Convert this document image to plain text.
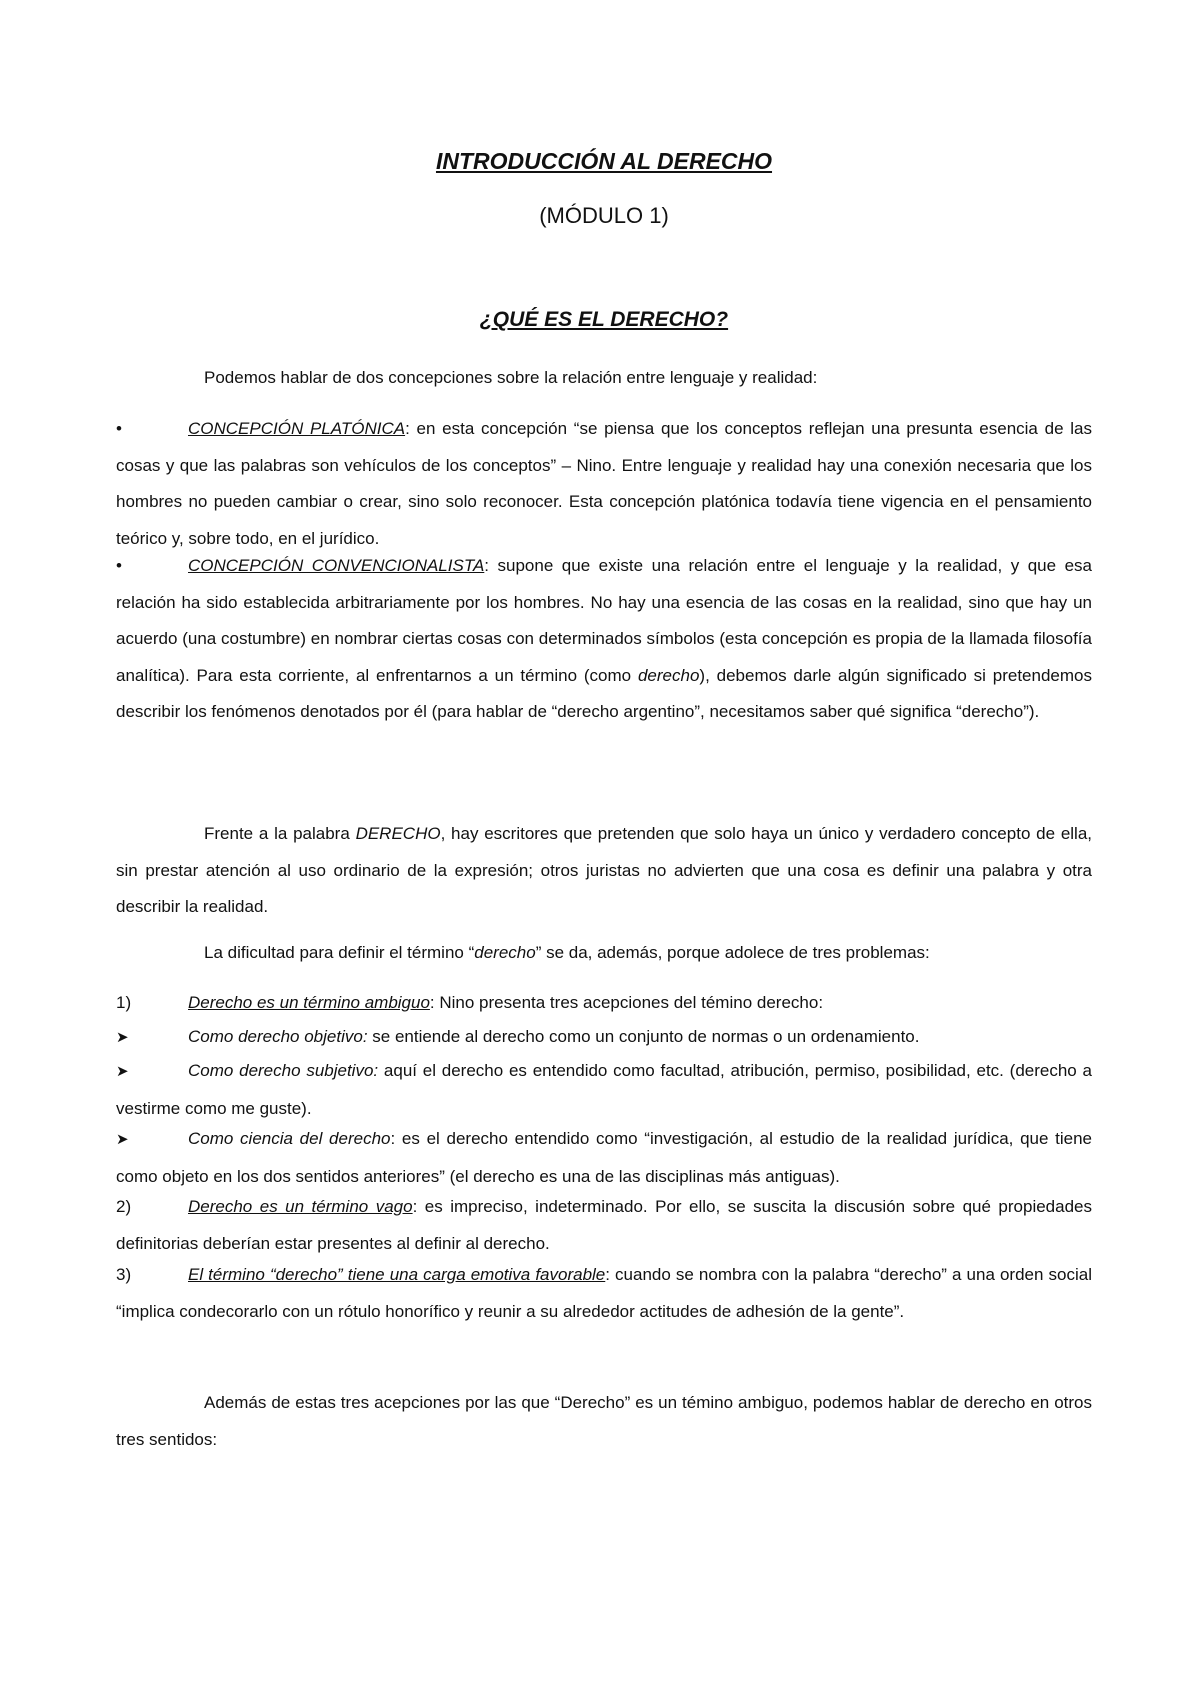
INTRODUCCIÓN AL DERECHO
(MÓDULO 1)
¿QUÉ ES EL DERECHO?
Podemos hablar de dos concepciones sobre la relación entre lenguaje y realidad:
•	CONCEPCIÓN PLATÓNICA: en esta concepción “se piensa que los conceptos reflejan una presunta esencia de las cosas y que las palabras son vehículos de los conceptos” – Nino. Entre lenguaje y realidad hay una conexión necesaria que los hombres no pueden cambiar o crear, sino solo reconocer. Esta concepción platónica todavía tiene vigencia en el pensamiento teórico y, sobre todo, en el jurídico.
•	CONCEPCIÓN CONVENCIONALISTA: supone que existe una relación entre el lenguaje y la realidad, y que esa relación ha sido establecida arbitrariamente por los hombres. No hay una esencia de las cosas en la realidad, sino que hay un acuerdo (una costumbre) en nombrar ciertas cosas con determinados símbolos (esta concepción es propia de la llamada filosofía analítica). Para esta corriente, al enfrentarnos a un término (como derecho), debemos darle algún significado si pretendemos describir los fenómenos denotados por él (para hablar de “derecho argentino”, necesitamos saber qué significa “derecho”).
Frente a la palabra DERECHO, hay escritores que pretenden que solo haya un único y verdadero concepto de ella, sin prestar atención al uso ordinario de la expresión; otros juristas no advierten que una cosa es definir una palabra y otra describir la realidad.
La dificultad para definir el término “derecho” se da, además, porque adolece de tres problemas:
1)	Derecho es un término ambiguo: Nino presenta tres acepciones del témino derecho:
➤	Como derecho objetivo: se entiende al derecho como un conjunto de normas o un ordenamiento.
➤	Como derecho subjetivo: aquí el derecho es entendido como facultad, atribución, permiso, posibilidad, etc. (derecho a vestirme como me guste).
➤	Como ciencia del derecho: es el derecho entendido como “investigación, al estudio de la realidad jurídica, que tiene como objeto en los dos sentidos anteriores” (el derecho es una de las disciplinas más antiguas).
2)	Derecho es un término vago: es impreciso, indeterminado. Por ello, se suscita la discusión sobre qué propiedades definitorias deberían estar presentes al definir al derecho.
3)	El término “derecho” tiene una carga emotiva favorable: cuando se nombra con la palabra “derecho” a una orden social “implica condecorarlo con un rótulo honorífico y reunir a su alrededor actitudes de adhesión de la gente”.
Además de estas tres acepciones por las que “Derecho” es un témino ambiguo, podemos hablar de derecho en otros tres sentidos:
